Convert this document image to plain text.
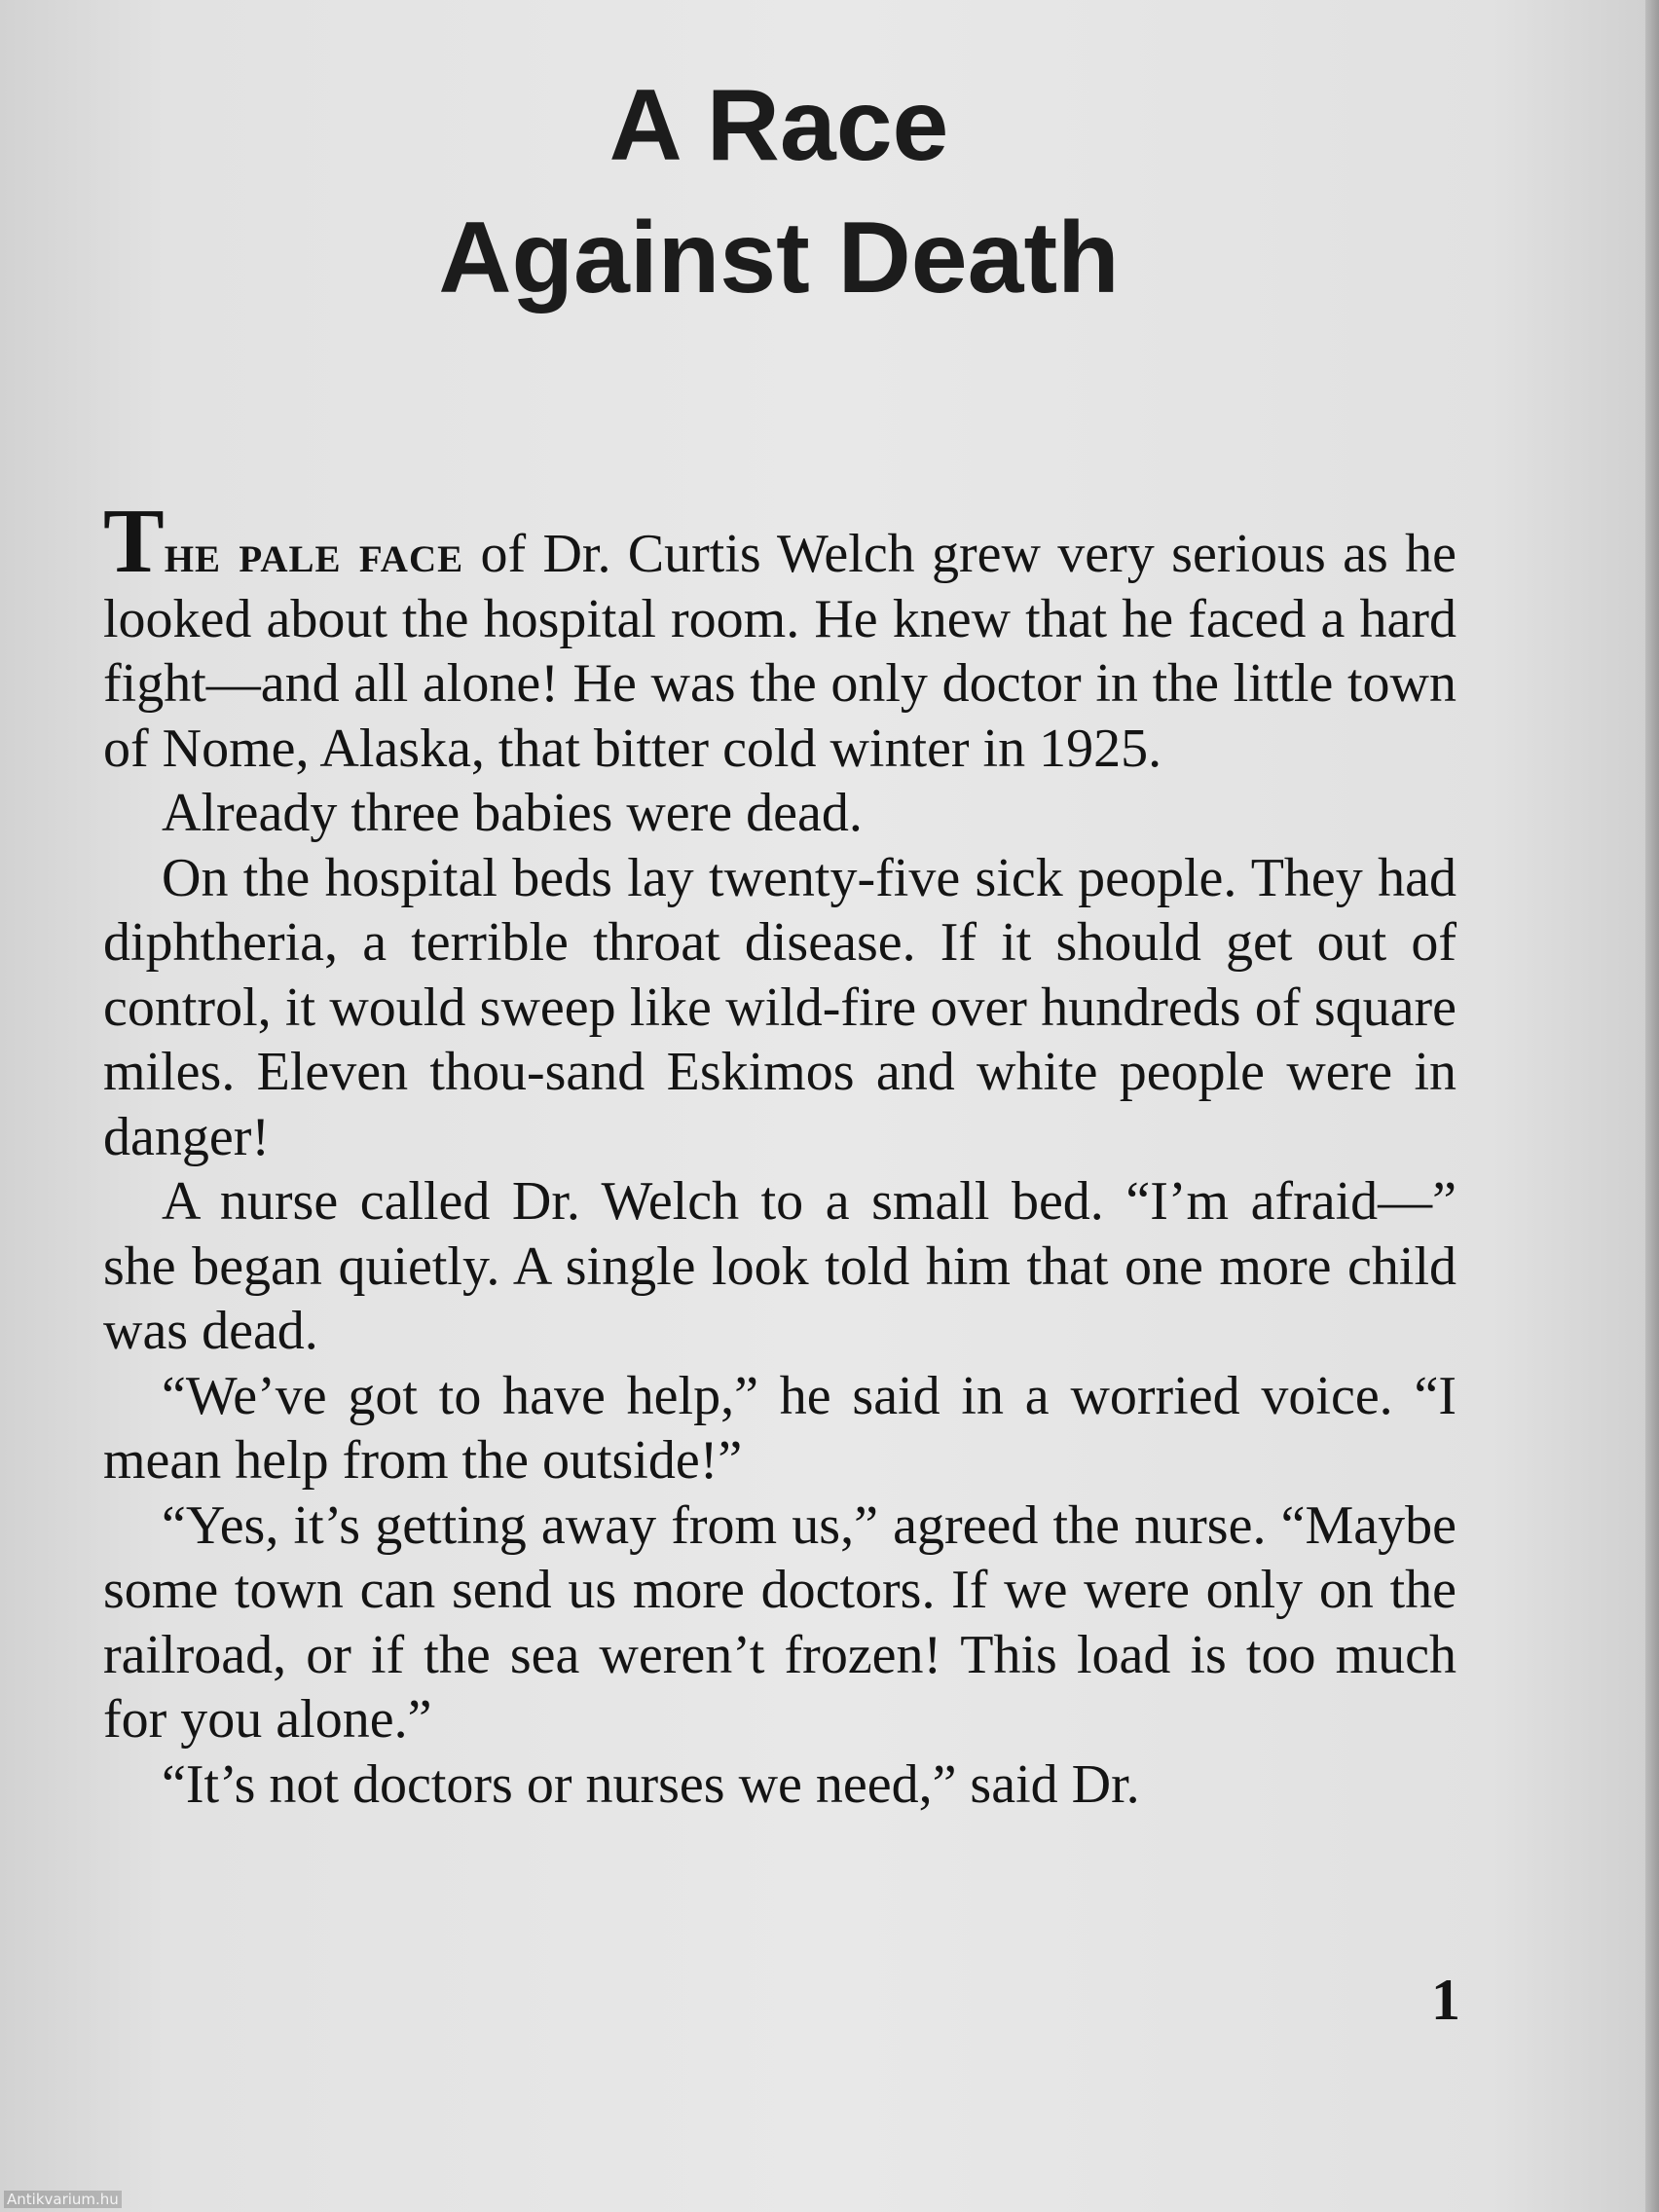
A Race
Against Death

The pale face of Dr. Curtis Welch grew very serious as he looked about the hospital room. He knew that he faced a hard fight—and all alone! He was the only doctor in the little town of Nome, Alaska, that bitter cold winter in 1925.

Already three babies were dead.

On the hospital beds lay twenty-five sick people. They had diphtheria, a terrible throat disease. If it should get out of control, it would sweep like wild-fire over hundreds of square miles. Eleven thou-sand Eskimos and white people were in danger!

A nurse called Dr. Welch to a small bed. “I’m afraid—” she began quietly. A single look told him that one more child was dead.

“We’ve got to have help,” he said in a worried voice. “I mean help from the outside!”

“Yes, it’s getting away from us,” agreed the nurse. “Maybe some town can send us more doctors. If we were only on the railroad, or if the sea weren’t frozen! This load is too much for you alone.”

“It’s not doctors or nurses we need,” said Dr.

1
Antikvarium.hu
